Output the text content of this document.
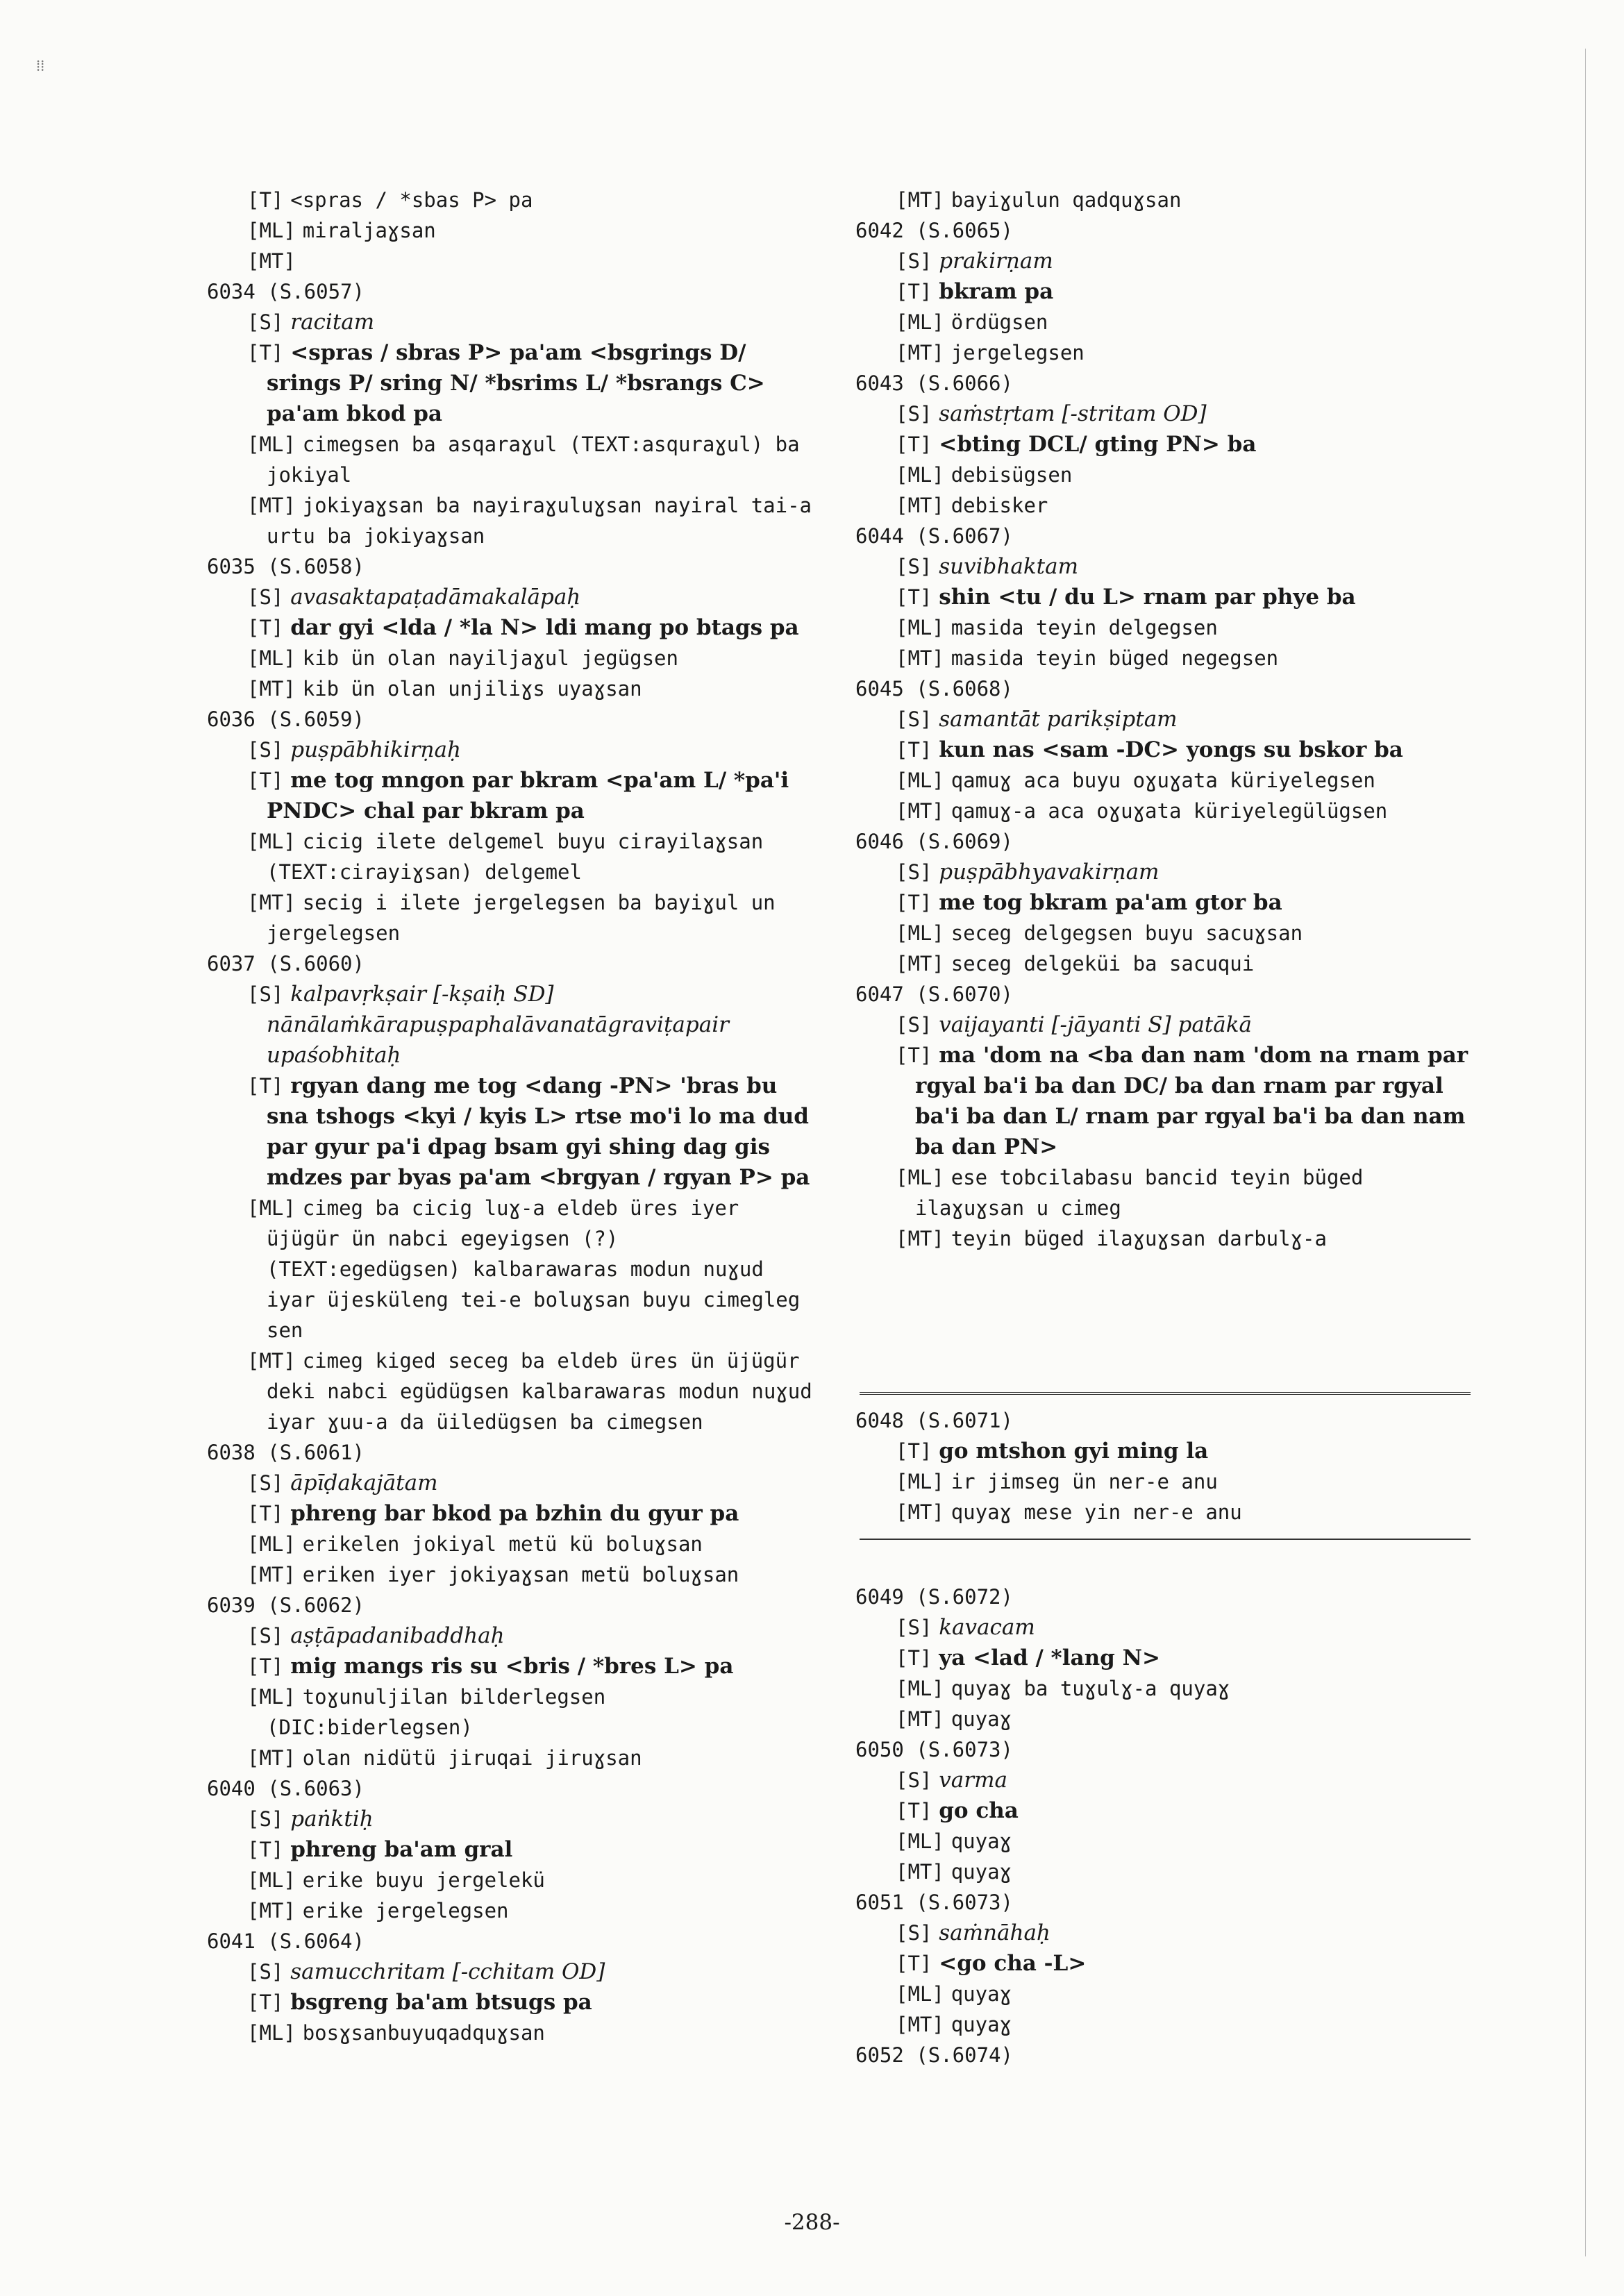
⁞⁞
[T] <spras / *sbas P> pa
[ML] miraljaɣsan
[MT]
6034 (S.6057)
[S] racitam
[T] <spras / sbras P> pa'am <bsgrings D/ srings P/ sring N/ *bsrims L/ *bsrangs C> pa'am bkod pa
[ML] cimegsen ba asqaraɣul (TEXT:asquraɣul) ba jokiyal
[MT] jokiyaɣsan ba nayiraɣuluɣsan nayiral tai-a urtu ba jokiyaɣsan
6035 (S.6058)
[S] avasaktapaṭadāmakalāpaḥ
[T] dar gyi <lda / *la N> ldi mang po btags pa
[ML] kib ün olan nayiljaɣul jegügsen
[MT] kib ün olan unjiliɣs uyaɣsan
6036 (S.6059)
[S] puṣpābhikirṇaḥ
[T] me tog mngon par bkram <pa'am L/ *pa'i PNDC> chal par bkram pa
[ML] cicig ilete delgemel buyu cirayilaɣsan (TEXT:cirayiɣsan) delgemel
[MT] secig i ilete jergelegsen ba bayiɣul un jergelegsen
6037 (S.6060)
[S] kalpavṛkṣair [-kṣaiḥ SD] nānālaṁkārapuṣpaphalāvanatāgraviṭapair upaśobhitaḥ
[T] rgyan dang me tog <dang -PN> 'bras bu sna tshogs <kyi / kyis L> rtse mo'i lo ma dud par gyur pa'i dpag bsam gyi shing dag gis mdzes par byas pa'am <brgyan / rgyan P> pa
[ML] cimeg ba cicig luɣ-a eldeb üres iyer üjügür ün nabci egeyigsen (?) (TEXT:egedügsen) kalbarawaras modun nuɣud iyar üjesküleng tei-e boluɣsan buyu cimegleg sen
[MT] cimeg kiged seceg ba eldeb üres ün üjügür deki nabci egüdügsen kalbarawaras modun nuɣud iyar ɣuu-a da üiledügsen ba cimegsen
6038 (S.6061)
[S] āpīḍakajātam
[T] phreng bar bkod pa bzhin du gyur pa
[ML] erikelen jokiyal metü kü boluɣsan
[MT] eriken iyer jokiyaɣsan metü boluɣsan
6039 (S.6062)
[S] aṣṭāpadanibaddhaḥ
[T] mig mangs ris su <bris / *bres L> pa
[ML] toɣunuljilan bilderlegsen (DIC:biderlegsen)
[MT] olan nidütü jiruqai jiruɣsan
6040 (S.6063)
[S] paṅktiḥ
[T] phreng ba'am gral
[ML] erike buyu jergelekü
[MT] erike jergelegsen
6041 (S.6064)
[S] samucchritam [-cchitam OD]
[T] bsgreng ba'am btsugs pa
[ML] bosɣsanbuyuqadquɣsan
[MT] bayiɣulun qadquɣsan
6042 (S.6065)
[S] prakirṇam
[T] bkram pa
[ML] ördügsen
[MT] jergelegsen
6043 (S.6066)
[S] saṁstṛtam [-stritam OD]
[T] <bting DCL/ gting PN> ba
[ML] debisügsen
[MT] debisker
6044 (S.6067)
[S] suvibhaktam
[T] shin <tu / du L> rnam par phye ba
[ML] masida teyin delgegsen
[MT] masida teyin büged negegsen
6045 (S.6068)
[S] samantāt parikṣiptam
[T] kun nas <sam -DC> yongs su bskor ba
[ML] qamuɣ aca buyu oɣuɣata küriyelegsen
[MT] qamuɣ-a aca oɣuɣata küriyelegülügsen
6046 (S.6069)
[S] puṣpābhyavakirṇam
[T] me tog bkram pa'am gtor ba
[ML] seceg delgegsen buyu sacuɣsan
[MT] seceg delgeküi ba sacuqui
6047 (S.6070)
[S] vaijayanti [-jāyanti S] patākā
[T] ma 'dom na <ba dan nam 'dom na rnam par rgyal ba'i ba dan DC/ ba dan rnam par rgyal ba'i ba dan L/ rnam par rgyal ba'i ba dan nam ba dan PN>
[ML] ese tobcilabasu bancid teyin büged ilaɣuɣsan u cimeg
[MT] teyin büged ilaɣuɣsan darbulɣ-a
6048 (S.6071)
[T] go mtshon gyi ming la
[ML] ir jimseg ün ner-e anu
[MT] quyaɣ mese yin ner-e anu
6049 (S.6072)
[S] kavacam
[T] ya <lad / *lang N>
[ML] quyaɣ ba tuɣulɣ-a quyaɣ
[MT] quyaɣ
6050 (S.6073)
[S] varma
[T] go cha
[ML] quyaɣ
[MT] quyaɣ
6051 (S.6073)
[S] saṁnāhaḥ
[T] <go cha -L>
[ML] quyaɣ
[MT] quyaɣ
6052 (S.6074)
-288-
